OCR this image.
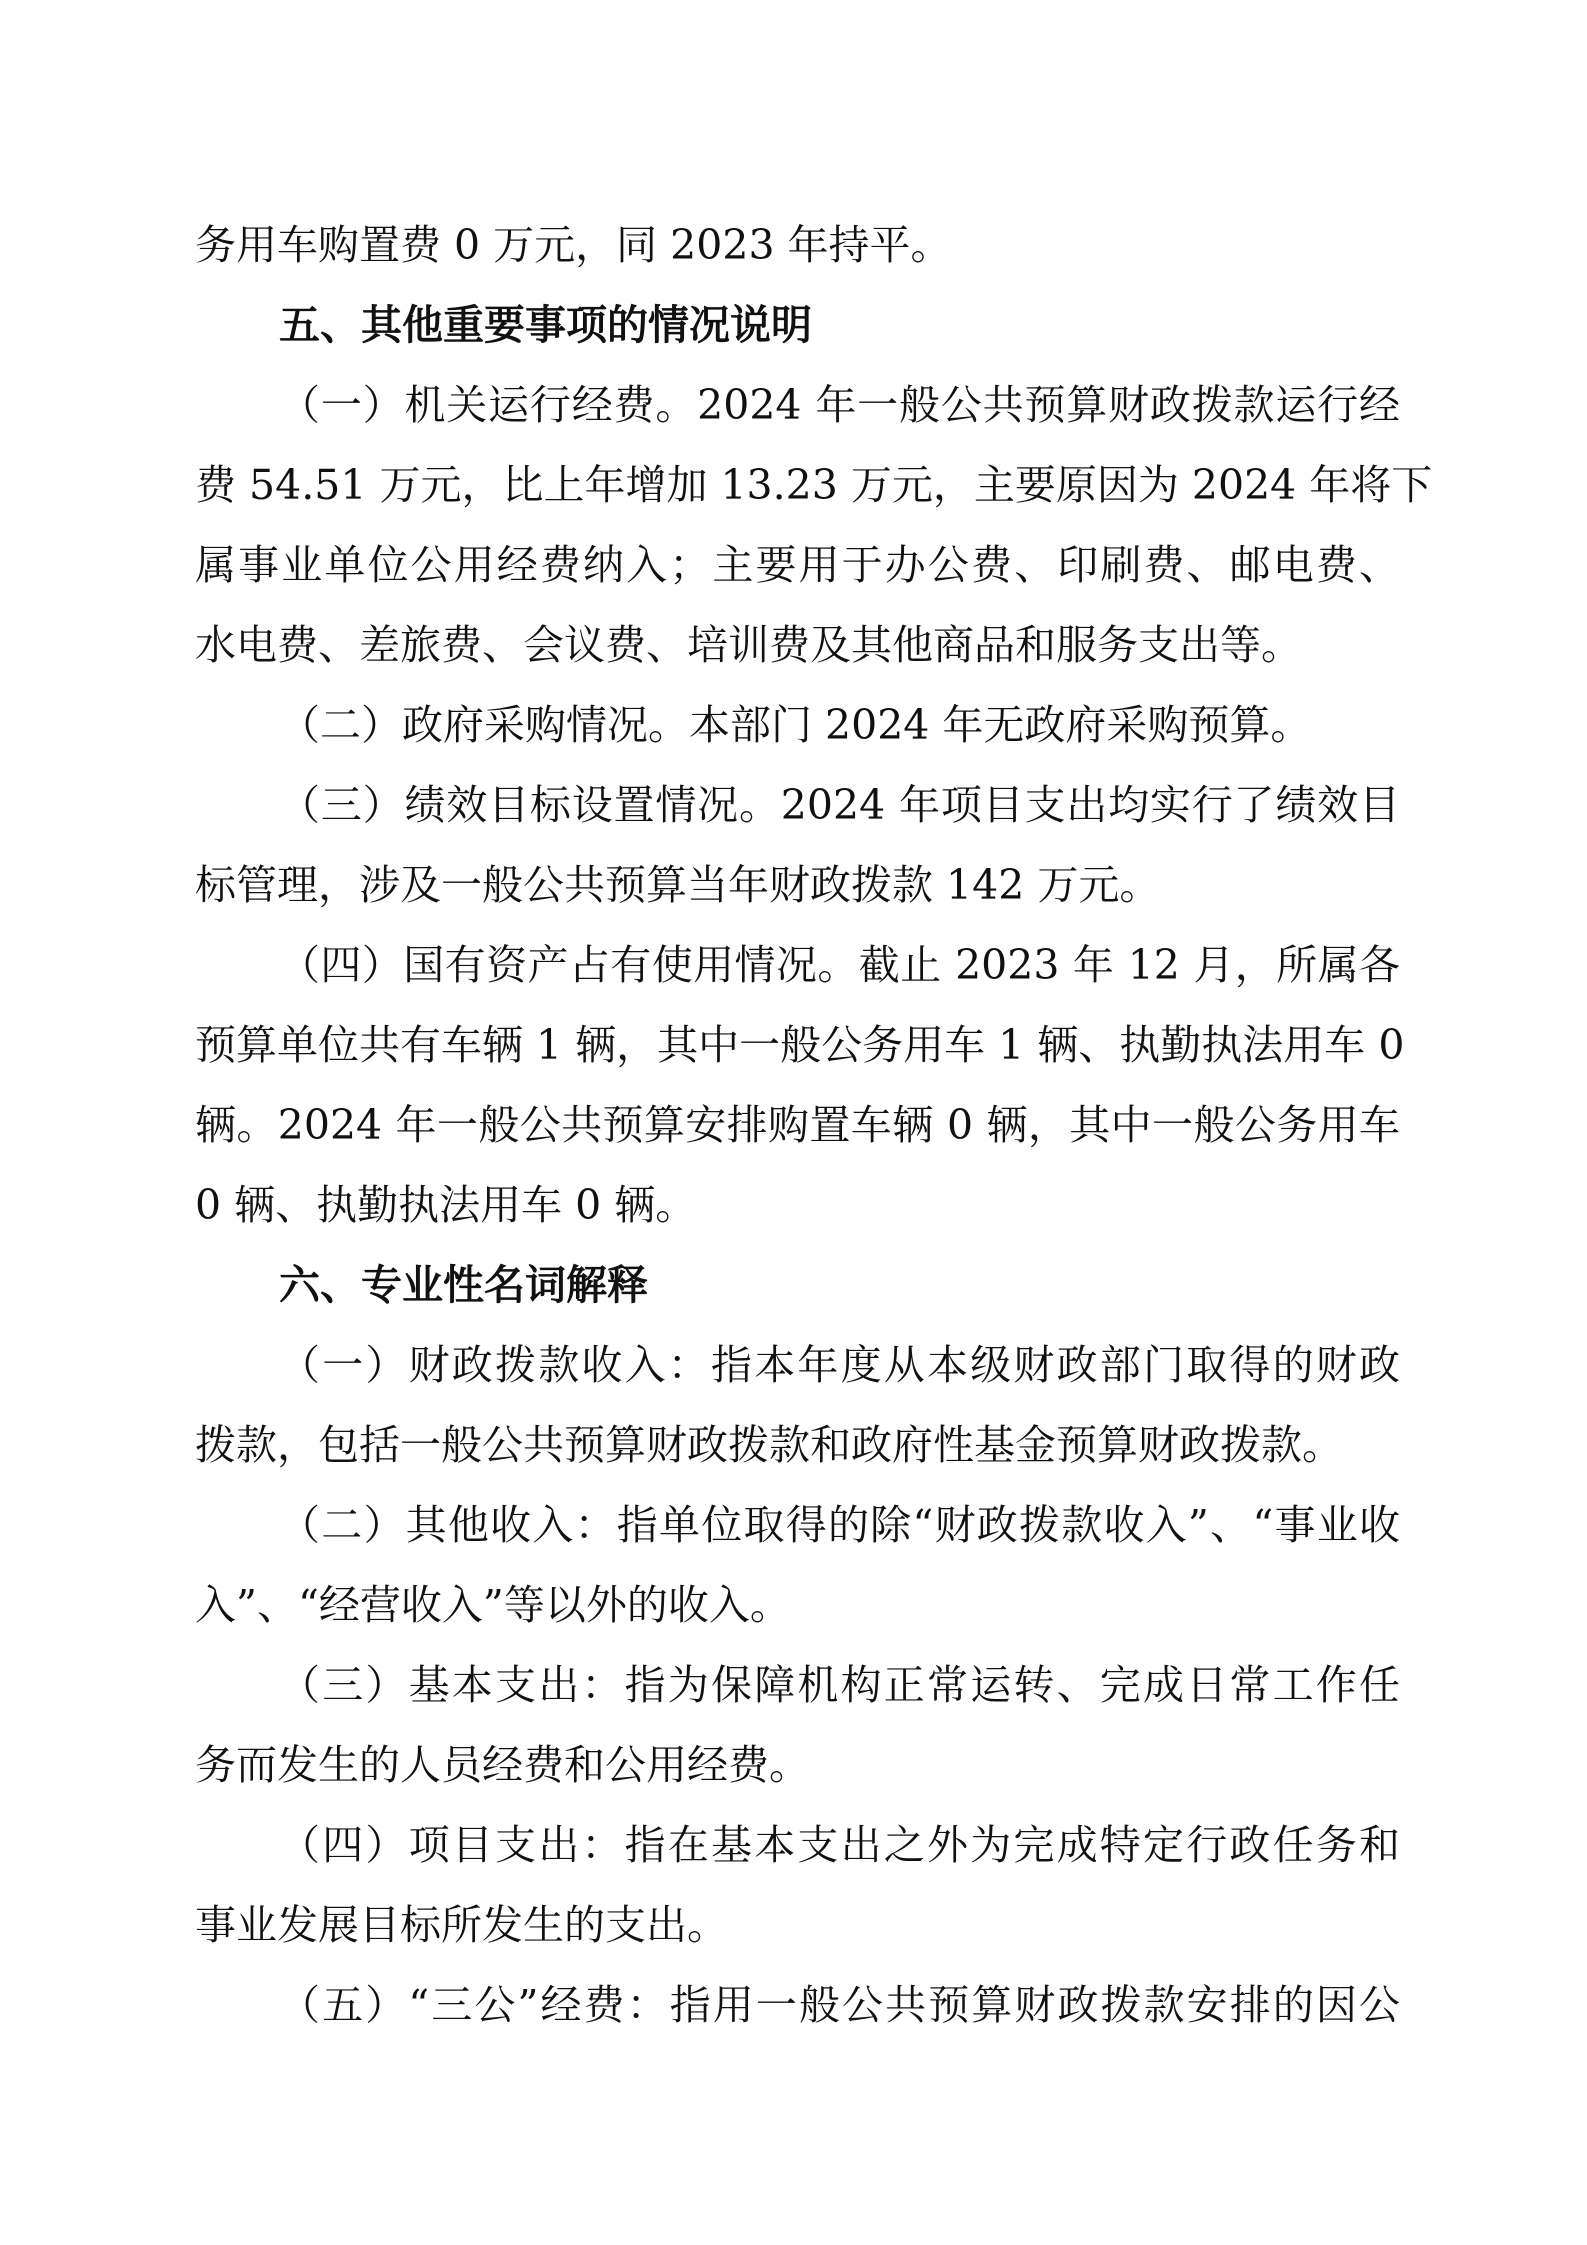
务用车购置费 0 万元，同 2023 年持平。
五、其他重要事项的情况说明
（一）机关运行经费。2024 年一般公共预算财政拨款运行经
费 54.51 万元，比上年增加 13.23 万元，主要原因为 2024 年将下
属事业单位公用经费纳入；主要用于办公费、印刷费、邮电费、
水电费、差旅费、会议费、培训费及其他商品和服务支出等。
（二）政府采购情况。本部门 2024 年无政府采购预算。
（三）绩效目标设置情况。2024 年项目支出均实行了绩效目
标管理，涉及一般公共预算当年财政拨款 142 万元。
（四）国有资产占有使用情况。截止 2023 年 12 月，所属各
预算单位共有车辆 1 辆，其中一般公务用车 1 辆、执勤执法用车 0
辆。2024 年一般公共预算安排购置车辆 0 辆，其中一般公务用车
0 辆、执勤执法用车 0 辆。
六、专业性名词解释
（一）财政拨款收入：指本年度从本级财政部门取得的财政
拨款，包括一般公共预算财政拨款和政府性基金预算财政拨款。
（二）其他收入：指单位取得的除“财政拨款收入”、“事业收
入”、“经营收入”等以外的收入。
（三）基本支出：指为保障机构正常运转、完成日常工作任
务而发生的人员经费和公用经费。
（四）项目支出：指在基本支出之外为完成特定行政任务和
事业发展目标所发生的支出。
（五）“三公”经费：指用一般公共预算财政拨款安排的因公
